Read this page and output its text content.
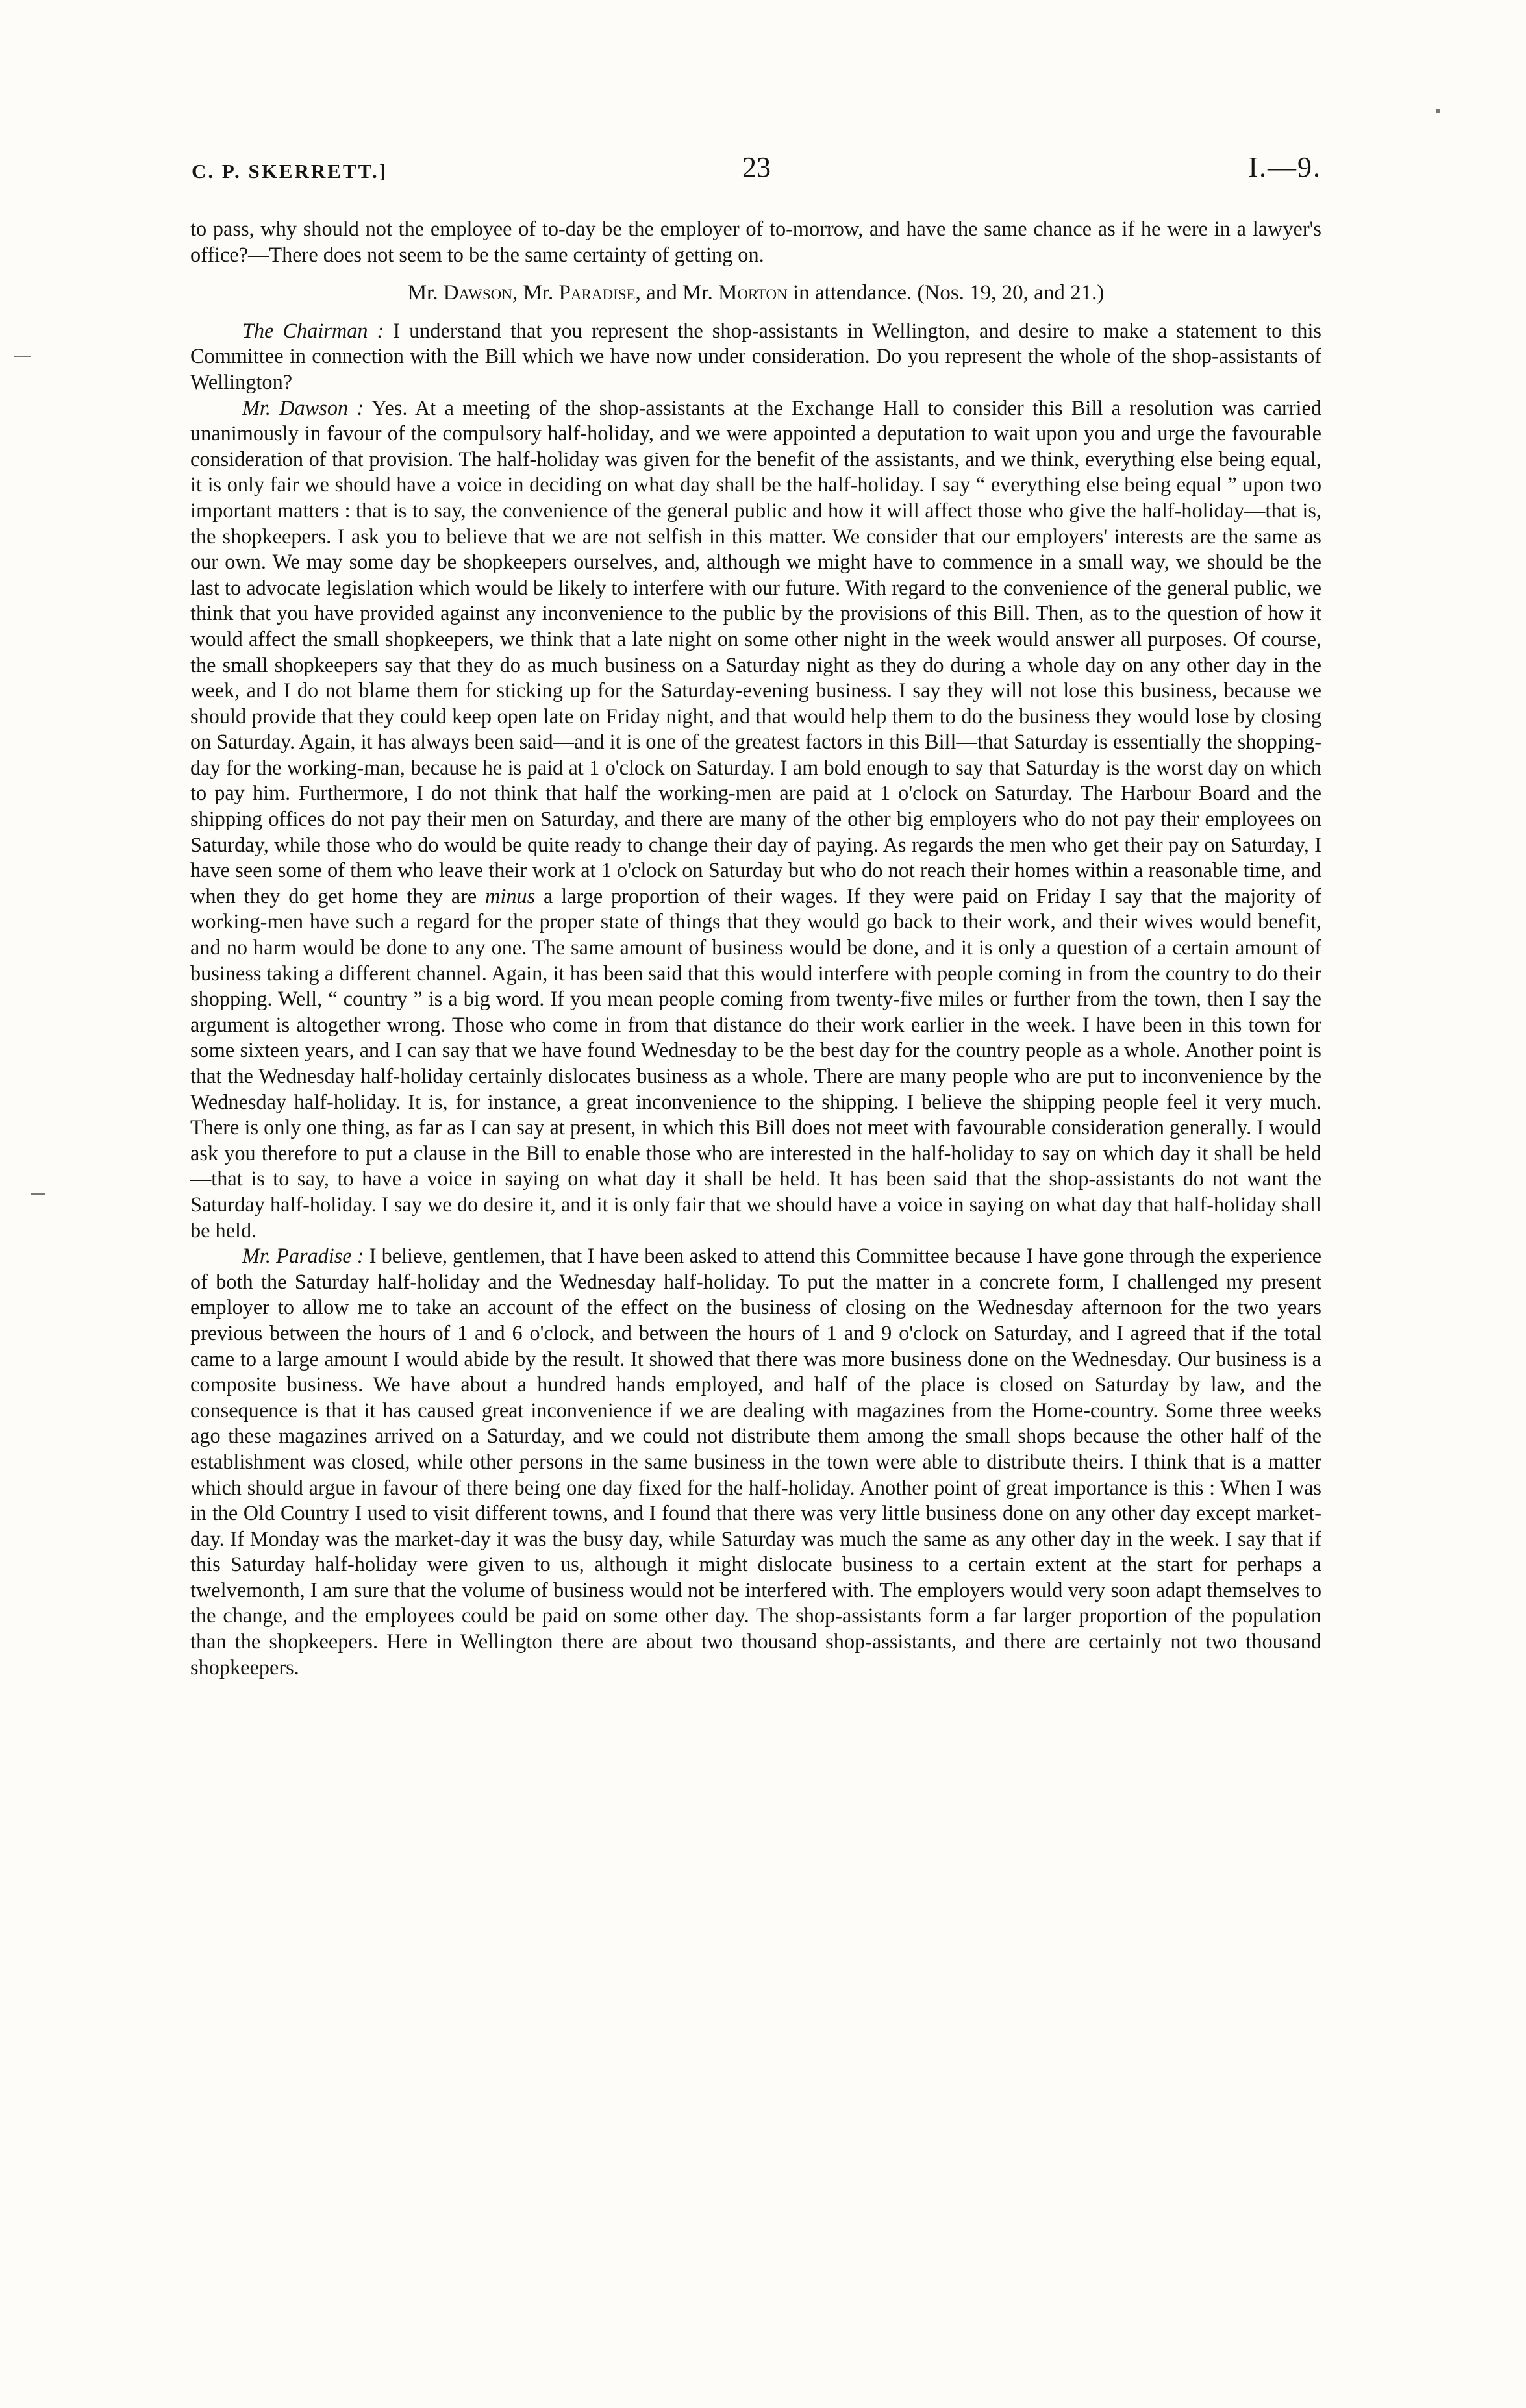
C. P. SKERRETT.]	23	I.—9.

to pass, why should not the employee of to-day be the employer of to-morrow, and have the same chance as if he were in a lawyer's office?—There does not seem to be the same certainty of getting on.

Mr. Dawson, Mr. Paradise, and Mr. Morton in attendance. (Nos. 19, 20, and 21.)

The Chairman : I understand that you represent the shop-assistants in Wellington, and desire to make a statement to this Committee in connection with the Bill which we have now under consideration. Do you represent the whole of the shop-assistants of Wellington?

Mr. Dawson : Yes. At a meeting of the shop-assistants at the Exchange Hall to consider this Bill a resolution was carried unanimously in favour of the compulsory half-holiday, and we were appointed a deputation to wait upon you and urge the favourable consideration of that provision. The half-holiday was given for the benefit of the assistants, and we think, everything else being equal, it is only fair we should have a voice in deciding on what day shall be the half-holiday. I say “ everything else being equal ” upon two important matters : that is to say, the convenience of the general public and how it will affect those who give the half-holiday—that is, the shopkeepers. I ask you to believe that we are not selfish in this matter. We consider that our employers' interests are the same as our own. We may some day be shopkeepers ourselves, and, although we might have to commence in a small way, we should be the last to advocate legislation which would be likely to interfere with our future. With regard to the convenience of the general public, we think that you have provided against any inconvenience to the public by the provisions of this Bill. Then, as to the question of how it would affect the small shopkeepers, we think that a late night on some other night in the week would answer all purposes. Of course, the small shopkeepers say that they do as much business on a Saturday night as they do during a whole day on any other day in the week, and I do not blame them for sticking up for the Saturday-evening business. I say they will not lose this business, because we should provide that they could keep open late on Friday night, and that would help them to do the business they would lose by closing on Saturday. Again, it has always been said—and it is one of the greatest factors in this Bill—that Saturday is essentially the shopping-day for the working-man, because he is paid at 1 o'clock on Saturday. I am bold enough to say that Saturday is the worst day on which to pay him. Furthermore, I do not think that half the working-men are paid at 1 o'clock on Saturday. The Harbour Board and the shipping offices do not pay their men on Saturday, and there are many of the other big employers who do not pay their employees on Saturday, while those who do would be quite ready to change their day of paying. As regards the men who get their pay on Saturday, I have seen some of them who leave their work at 1 o'clock on Saturday but who do not reach their homes within a reasonable time, and when they do get home they are minus a large proportion of their wages. If they were paid on Friday I say that the majority of working-men have such a regard for the proper state of things that they would go back to their work, and their wives would benefit, and no harm would be done to any one. The same amount of business would be done, and it is only a question of a certain amount of business taking a different channel. Again, it has been said that this would interfere with people coming in from the country to do their shopping. Well, “ country ” is a big word. If you mean people coming from twenty-five miles or further from the town, then I say the argument is altogether wrong. Those who come in from that distance do their work earlier in the week. I have been in this town for some sixteen years, and I can say that we have found Wednesday to be the best day for the country people as a whole. Another point is that the Wednesday half-holiday certainly dislocates business as a whole. There are many people who are put to inconvenience by the Wednesday half-holiday. It is, for instance, a great inconvenience to the shipping. I believe the shipping people feel it very much. There is only one thing, as far as I can say at present, in which this Bill does not meet with favourable consideration generally. I would ask you therefore to put a clause in the Bill to enable those who are interested in the half-holiday to say on which day it shall be held—that is to say, to have a voice in saying on what day it shall be held. It has been said that the shop-assistants do not want the Saturday half-holiday. I say we do desire it, and it is only fair that we should have a voice in saying on what day that half-holiday shall be held.

Mr. Paradise : I believe, gentlemen, that I have been asked to attend this Committee because I have gone through the experience of both the Saturday half-holiday and the Wednesday half-holiday. To put the matter in a concrete form, I challenged my present employer to allow me to take an account of the effect on the business of closing on the Wednesday afternoon for the two years previous between the hours of 1 and 6 o'clock, and between the hours of 1 and 9 o'clock on Saturday, and I agreed that if the total came to a large amount I would abide by the result. It showed that there was more business done on the Wednesday. Our business is a composite business. We have about a hundred hands employed, and half of the place is closed on Saturday by law, and the consequence is that it has caused great inconvenience if we are dealing with magazines from the Home-country. Some three weeks ago these magazines arrived on a Saturday, and we could not distribute them among the small shops because the other half of the establishment was closed, while other persons in the same business in the town were able to distribute theirs. I think that is a matter which should argue in favour of there being one day fixed for the half-holiday. Another point of great importance is this : When I was in the Old Country I used to visit different towns, and I found that there was very little business done on any other day except market-day. If Monday was the market-day it was the busy day, while Saturday was much the same as any other day in the week. I say that if this Saturday half-holiday were given to us, although it might dislocate business to a certain extent at the start for perhaps a twelvemonth, I am sure that the volume of business would not be interfered with. The employers would very soon adapt themselves to the change, and the employees could be paid on some other day. The shop-assistants form a far larger proportion of the population than the shopkeepers. Here in Wellington there are about two thousand shop-assistants, and there are certainly not two thousand shopkeepers.
